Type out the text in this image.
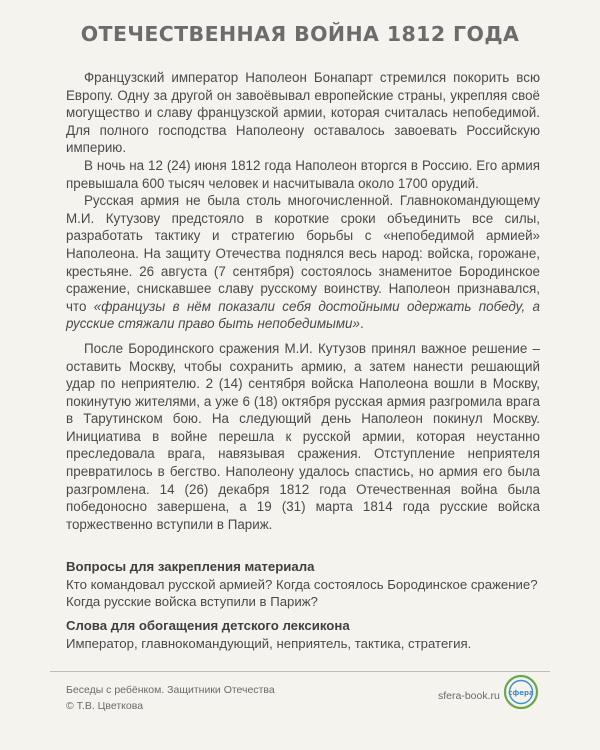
ОТЕЧЕСТВЕННАЯ ВОЙНА 1812 ГОДА

Французский император Наполеон Бонапарт стремился покорить всю Европу. Одну за другой он завоёвывал европейские страны, укрепляя своё могущество и славу французской армии, которая считалась непобедимой. Для полного господства Наполеону оставалось завоевать Российскую империю.

В ночь на 12 (24) июня 1812 года Наполеон вторгся в Россию. Его армия превышала 600 тысяч человек и насчитывала около 1700 орудий.

Русская армия не была столь многочисленной. Главнокомандующему М.И. Кутузову предстояло в короткие сроки объединить все силы, разработать тактику и стратегию борьбы с «непобедимой армией» Наполеона. На защиту Отечества поднялся весь народ: войска, горожане, крестьяне. 26 августа (7 сентября) состоялось знаменитое Бородинское сражение, снискавшее славу русскому воинству. Наполеон признавался, что «французы в нём показали себя достойными одержать победу, а русские стяжали право быть непобедимыми».

После Бородинского сражения М.И. Кутузов принял важное решение – оставить Москву, чтобы сохранить армию, а затем нанести решающий удар по неприятелю. 2 (14) сентября войска Наполеона вошли в Москву, покинутую жителями, а уже 6 (18) октября русская армия разгромила врага в Тарутинском бою. На следующий день Наполеон покинул Москву. Инициатива в войне перешла к русской армии, которая неустанно преследовала врага, навязывая сражения. Отступление неприятеля превратилось в бегство. Наполеону удалось спастись, но армия его была разгромлена. 14 (26) декабря 1812 года Отечественная война была победоносно завершена, а 19 (31) марта 1814 года русские войска торжественно вступили в Париж.

Вопросы для закрепления материала
Кто командовал русской армией? Когда состоялось Бородинское сражение? Когда русские войска вступили в Париж?
Слова для обогащения детского лексикона
Император, главнокомандующий, неприятель, тактика, стратегия.
Беседы с ребёнком. Защитники Отечества
© Т.В. Цветкова
sfera-book.ru сфера
